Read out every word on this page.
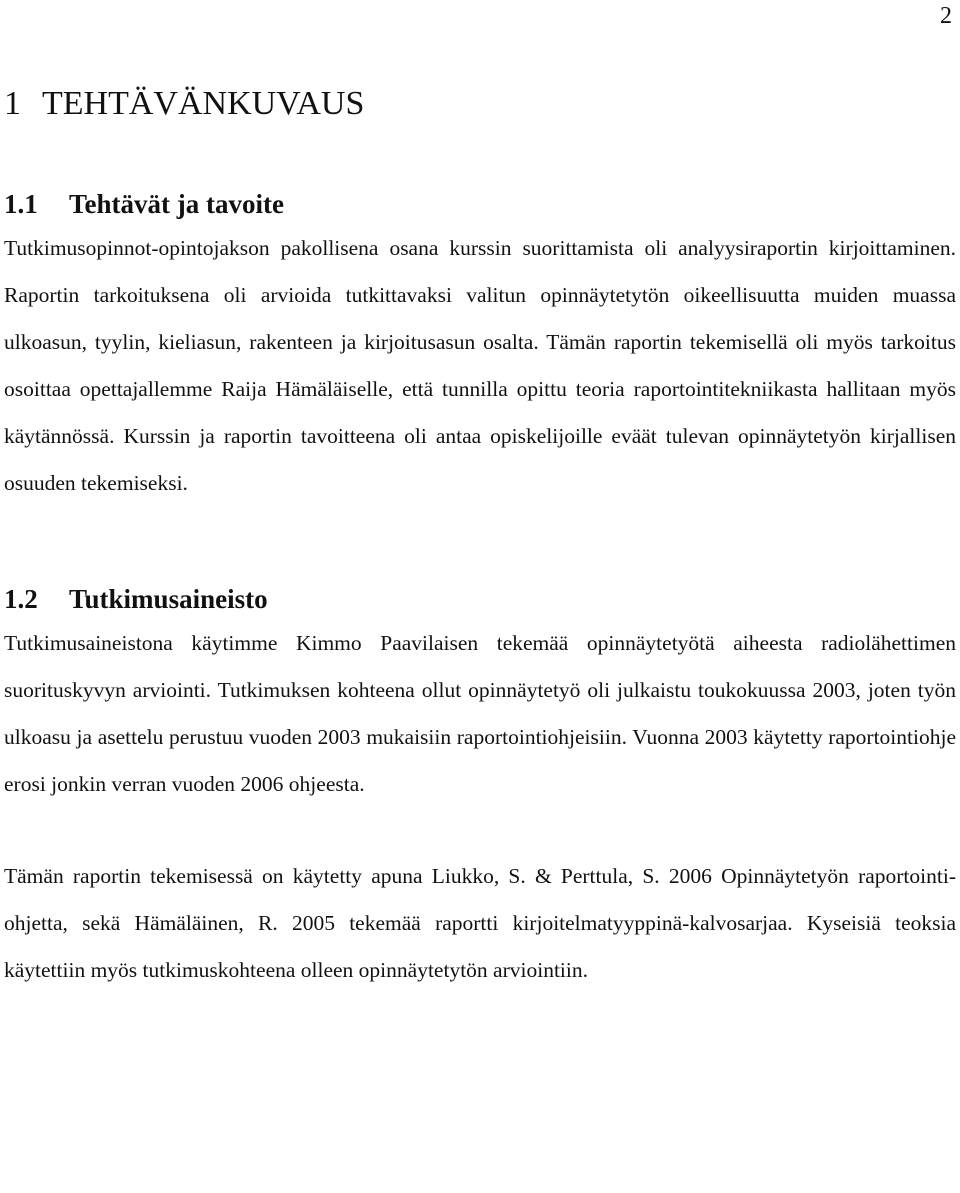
2
1 TEHTÄVÄNKUVAUS
1.1	Tehtävät ja tavoite

Tutkimusopinnot-opintojakson pakollisena osana kurssin suorittamista oli analyysiraportin kirjoittaminen. Raportin tarkoituksena oli arvioida tutkittavaksi valitun opinnäytetytön oikeellisuutta muiden muassa ulkoasun, tyylin, kieliasun, rakenteen ja kirjoitusasun osalta. Tämän raportin tekemisellä oli myös tarkoitus osoittaa opettajallemme Raija Hämäläiselle, että tunnilla opittu teoria raportointitekniikasta hallitaan myös käytännössä. Kurssin ja raportin tavoitteena oli antaa opiskelijoille eväät tulevan opinnäytetyön kirjallisen osuuden tekemiseksi.

1.2	Tutkimusaineisto

Tutkimusaineistona käytimme Kimmo Paavilaisen tekemää opinnäytetyötä aiheesta radiolähettimen suorituskyvyn arviointi. Tutkimuksen kohteena ollut opinnäytetyö oli julkaistu toukokuussa 2003, joten työn ulkoasu ja asettelu perustuu vuoden 2003 mukaisiin raportointiohjeisiin. Vuonna 2003 käytetty raportointiohje erosi jonkin verran vuoden 2006 ohjeesta.

Tämän raportin tekemisessä on käytetty apuna Liukko, S. & Perttula, S. 2006 Opinnäytetyön raportointi-ohjetta, sekä Hämäläinen, R. 2005 tekemää raportti kirjoitelmatyyppinä-kalvosarjaa. Kyseisiä teoksia käytettiin myös tutkimuskohteena olleen opinnäytetytön arviointiin.
